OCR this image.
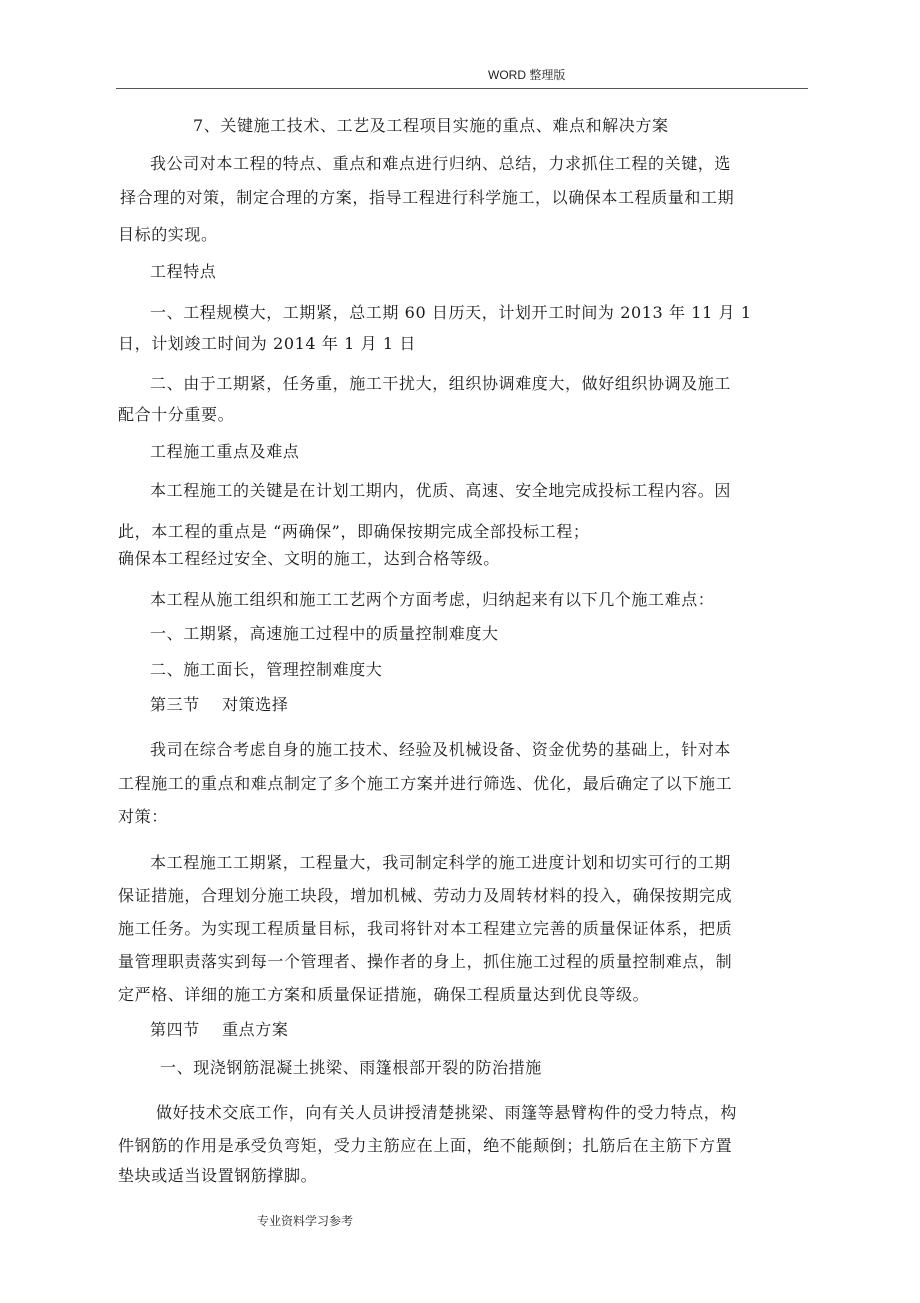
WORD 整理版
7、关键施工技术、工艺及工程项目实施的重点、难点和解决方案
我公司对本工程的特点、重点和难点进行归纳、总结，力求抓住工程的关键，选
择合理的对策，制定合理的方案，指导工程进行科学施工，以确保本工程质量和工期
目标的实现。
工程特点
一、工程规模大，工期紧，总工期 60 日历天，计划开工时间为 2013 年 11 月 1
日，计划竣工时间为 2014 年 1 月 1 日
二、由于工期紧，任务重，施工干扰大，组织协调难度大，做好组织协调及施工
配合十分重要。
工程施工重点及难点
本工程施工的关键是在计划工期内，优质、高速、安全地完成投标工程内容。因
此，本工程的重点是 “两确保”，即确保按期完成全部投标工程；
确保本工程经过安全、文明的施工，达到合格等级。
本工程从施工组织和施工工艺两个方面考虑，归纳起来有以下几个施工难点：
一、工期紧，高速施工过程中的质量控制难度大
二、施工面长，管理控制难度大
第三节　 对策选择
我司在综合考虑自身的施工技术、经验及机械设备、资金优势的基础上，针对本
工程施工的重点和难点制定了多个施工方案并进行筛选、优化，最后确定了以下施工
对策：
本工程施工工期紧，工程量大，我司制定科学的施工进度计划和切实可行的工期
保证措施，合理划分施工块段，增加机械、劳动力及周转材料的投入，确保按期完成
施工任务。为实现工程质量目标，我司将针对本工程建立完善的质量保证体系，把质
量管理职责落实到每一个管理者、操作者的身上，抓住施工过程的质量控制难点，制
定严格、详细的施工方案和质量保证措施，确保工程质量达到优良等级。
第四节　 重点方案
一、现浇钢筋混凝土挑梁、雨篷根部开裂的防治措施
做好技术交底工作，向有关人员讲授清楚挑梁、雨篷等悬臂构件的受力特点，构
件钢筋的作用是承受负弯矩，受力主筋应在上面，绝不能颠倒；扎筋后在主筋下方置
垫块或适当设置钢筋撑脚。
专业资料学习参考
